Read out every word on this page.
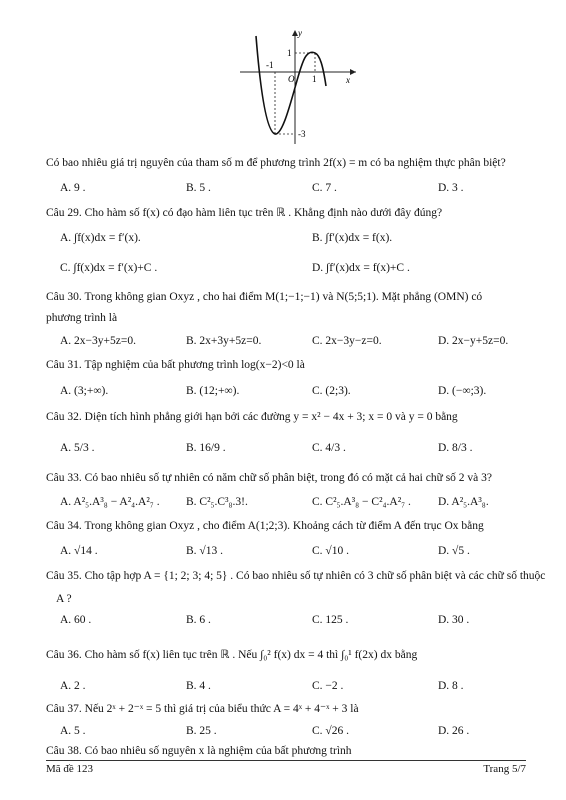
y
x
O
-1
1
1
-3
Có bao nhiêu giá trị nguyên của tham số m để phương trình 2f(x) = m có ba nghiệm thực phân biệt?
A. 9 .	B. 5 .	C. 7 .	D. 3 .
Câu 29. Cho hàm số f(x) có đạo hàm liên tục trên ℝ . Khẳng định nào dưới đây đúng?
A. ∫f(x)dx = f′(x).	B. ∫f′(x)dx = f(x).
C. ∫f(x)dx = f′(x)+C .	D. ∫f′(x)dx = f(x)+C .
Câu 30. Trong không gian Oxyz , cho hai điểm M(1;−1;−1) và N(5;5;1). Mặt phẳng (OMN) có
phương trình là
A. 2x−3y+5z=0.	B. 2x+3y+5z=0.	C. 2x−3y−z=0.	D. 2x−y+5z=0.
Câu 31. Tập nghiệm của bất phương trình log(x−2)<0 là
A. (3;+∞).	B. (12;+∞).	C. (2;3).	D. (−∞;3).
Câu 32. Diện tích hình phẳng giới hạn bởi các đường y = x² − 4x + 3; x = 0 và y = 0 bằng
A. 5/3 .	B. 16/9 .	C. 4/3 .	D. 8/3 .
Câu 33. Có bao nhiêu số tự nhiên có năm chữ số phân biệt, trong đó có mặt cả hai chữ số 2 và 3?
A. A²₅.A³₈ − A²₄.A²₇ . B. C²₅.C³₈.3!.	C. C²₅.A³₈ − C²₄.A²₇ . D. A²₅.A³₈.
Câu 34. Trong không gian Oxyz , cho điểm A(1;2;3). Khoảng cách từ điểm A đến trục Ox bằng
A. √14 .	B. √13 .	C. √10 .	D. √5 .
Câu 35. Cho tập hợp A = {1; 2; 3; 4; 5} . Có bao nhiêu số tự nhiên có 3 chữ số phân biệt và các chữ số thuộc
A ?
A. 60 .	B. 6 .	C. 125 .	D. 30 .
Câu 36. Cho hàm số f(x) liên tục trên ℝ . Nếu ∫₀² f(x) dx = 4 thì ∫₀¹ f(2x) dx bằng
A. 2 .	B. 4 .	C. −2 .	D. 8 .
Câu 37. Nếu 2ˣ + 2⁻ˣ = 5 thì giá trị của biểu thức A = 4ˣ + 4⁻ˣ + 3 là
A. 5 .	B. 25 .	C. √26 .	D. 26 .
Câu 38. Có bao nhiêu số nguyên x là nghiệm của bất phương trình
Mã đề 123	Trang 5/7
